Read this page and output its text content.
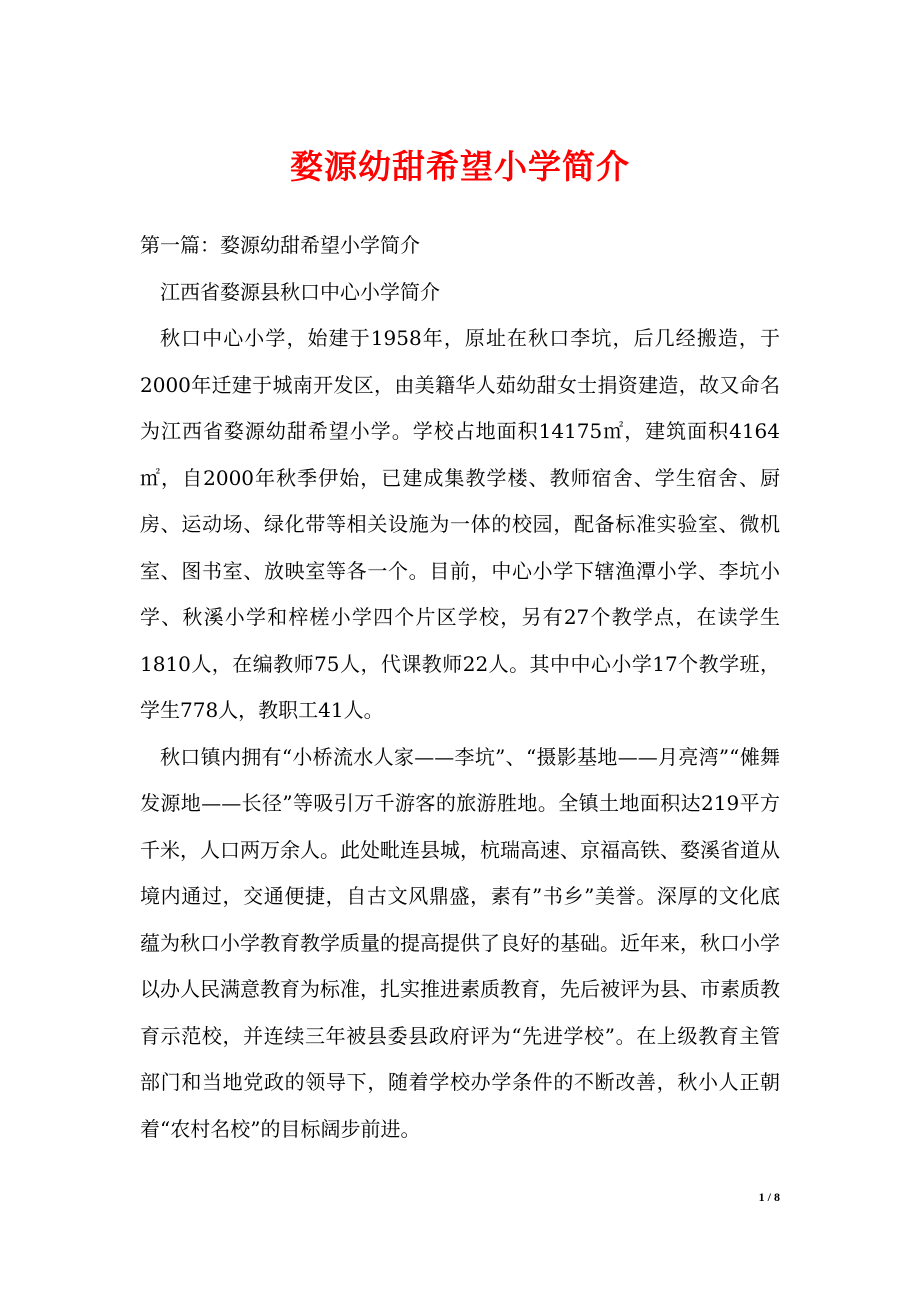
婺源幼甜希望小学简介

第一篇：婺源幼甜希望小学简介

江西省婺源县秋口中心小学简介

秋口中心小学，始建于1958年，原址在秋口李坑，后几经搬造，于2000年迁建于城南开发区，由美籍华人茹幼甜女士捐资建造，故又命名为江西省婺源幼甜希望小学。学校占地面积14175㎡，建筑面积4164㎡，自2000年秋季伊始，已建成集教学楼、教师宿舍、学生宿舍、厨房、运动场、绿化带等相关设施为一体的校园，配备标准实验室、微机室、图书室、放映室等各一个。目前，中心小学下辖渔潭小学、李坑小学、秋溪小学和梓槎小学四个片区学校，另有27个教学点，在读学生1810人，在编教师75人，代课教师22人。其中中心小学17个教学班，学生778人，教职工41人。

秋口镇内拥有“小桥流水人家——李坑”、“摄影基地——月亮湾”“傩舞发源地——长径”等吸引万千游客的旅游胜地。全镇土地面积达219平方千米，人口两万余人。此处毗连县城，杭瑞高速、京福高铁、婺溪省道从境内通过，交通便捷，自古文风鼎盛，素有”书乡”美誉。深厚的文化底蕴为秋口小学教育教学质量的提高提供了良好的基础。近年来，秋口小学以办人民满意教育为标准，扎实推进素质教育，先后被评为县、市素质教育示范校，并连续三年被县委县政府评为“先进学校”。在上级教育主管部门和当地党政的领导下，随着学校办学条件的不断改善，秋小人正朝着“农村名校”的目标阔步前进。

1 / 8
